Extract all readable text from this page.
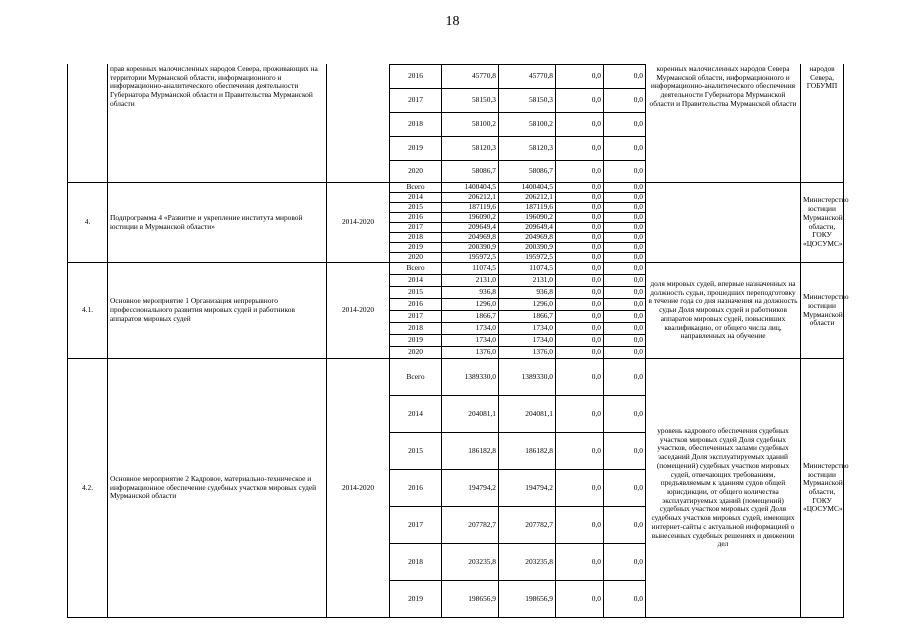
18
	прав коренных малочисленных народов Севера, проживающих на территории Мурманской области, информационного и информационно-аналитического обеспечения деятельности Губернатора Мурманской области и Правительства Мурманской области		2016	45770,8	45770,8	0,0	0,0	коренных малочисленных народов Севера Мурманской области, информационного и информационно-аналитического обеспечения деятельности Губернатора Мурманской области и Правительства Мурманской области	народов Севера, ГОБУМП
			2017	58150,3	58150,3	0,0	0,0		
			2018	58100,2	58100,2	0,0	0,0		
			2019	58120,3	58120,3	0,0	0,0		
			2020	58086,7	58086,7	0,0	0,0		
4.	Подпрограмма 4 «Развитие и укрепление института мировой юстиции в Мурманской области»	2014-2020	Всего	1400404,5	1400404,5	0,0	0,0		Министерство юстиции Мурманской области, ГОКУ «ЦОСУМС»
			2014	206212,1	206212,1	0,0	0,0		
			2015	187119,6	187119,6	0,0	0,0		
			2016	196090,2	196090,2	0,0	0,0		
			2017	209649,4	209649,4	0,0	0,0		
			2018	204969,8	204969,8	0,0	0,0		
			2019	200390,9	200390,9	0,0	0,0		
			2020	195972,5	195972,5	0,0	0,0		
4.1.	Основное мероприятие 1 Организация непрерывного профессионального развития мировых судей и работников аппаратов мировых судей	2014-2020	Всего	11074,5	11074,5	0,0	0,0	доля мировых судей, впервые назначенных на должность судьи, прошедших переподготовку в течение года со дня назначения на должность судьи Доля мировых судей и работников аппаратов мировых судей, повысивших квалификацию, от общего числа лиц, направленных на обучение	Министерство юстиции Мурманской области
			2014	2131,0	2131,0	0,0	0,0		
			2015	936,8	936,8	0,0	0,0		
			2016	1296,0	1296,0	0,0	0,0		
			2017	1866,7	1866,7	0,0	0,0		
			2018	1734,0	1734,0	0,0	0,0		
			2019	1734,0	1734,0	0,0	0,0		
			2020	1376,0	1376,0	0,0	0,0		
4.2.	Основное мероприятие 2 Кадровое, материально-техническое и информационное обеспечение судебных участков мировых судей Мурманской области	2014-2020	Всего	1389330,0	1389330,0	0,0	0,0	уровень кадрового обеспечения судебных участков мировых судей Доля судебных участков, обеспеченных залами судебных заседаний Доля эксплуатируемых зданий (помещений) судебных участков мировых судей, отвечающих требованиям, предъявляемым к зданиям судов общей юрисдикции, от общего количества эксплуатируемых зданий (помещений) судебных участков мировых судей Доля судебных участков мировых судей, имеющих интернет-сайты с актуальной информацией о вынесенных судебных решениях и движении дел	Министерство юстиции Мурманской области, ГОКУ «ЦОСУМС»
			2014	204081,1	204081,1	0,0	0,0		
			2015	186182,8	186182,8	0,0	0,0		
			2016	194794,2	194794,2	0,0	0,0		
			2017	207782,7	207782,7	0,0	0,0		
			2018	203235,8	203235,8	0,0	0,0		
			2019	198656,9	198656,9	0,0	0,0		
